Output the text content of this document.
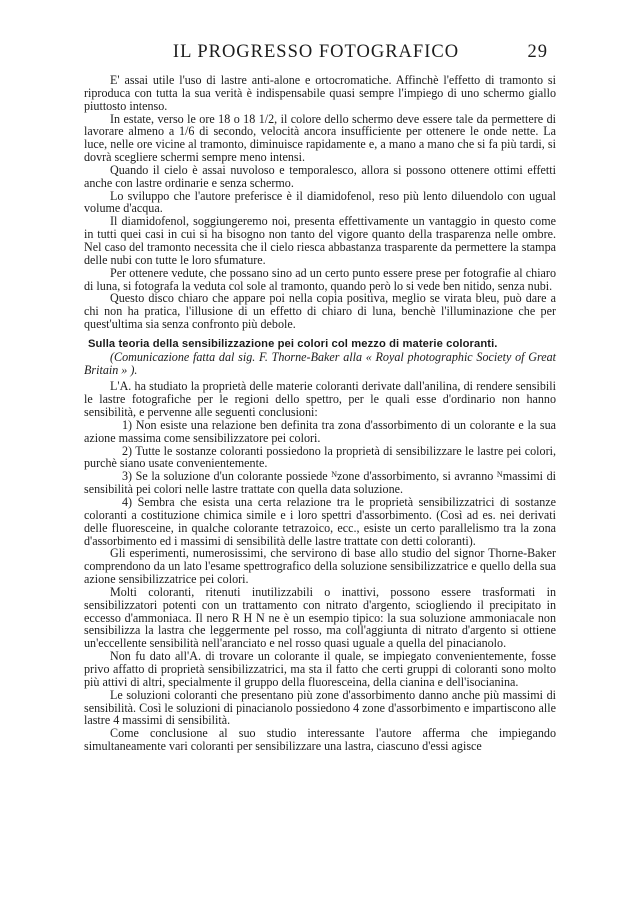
IL PROGRESSO FOTOGRAFICO	29

E' assai utile l'uso di lastre anti-alone e ortocromatiche. Affinchè l'effetto di tramonto si riproduca con tutta la sua verità è indispensabile quasi sempre l'impiego di uno schermo giallo piuttosto intenso.

In estate, verso le ore 18 o 18 1/2, il colore dello schermo deve essere tale da permettere di lavorare almeno a 1/6 di secondo, velocità ancora insufficiente per ottenere le onde nette. La luce, nelle ore vicine al tramonto, diminuisce rapidamente e, a mano a mano che si fa più tardi, si dovrà scegliere schermi sempre meno intensi.

Quando il cielo è assai nuvoloso e temporalesco, allora si possono ottenere ottimi effetti anche con lastre ordinarie e senza schermo.

Lo sviluppo che l'autore preferisce è il diamidofenol, reso più lento diluendolo con ugual volume d'acqua.

Il diamidofenol, soggiungeremo noi, presenta effettivamente un vantaggio in questo come in tutti quei casi in cui si ha bisogno non tanto del vigore quanto della trasparenza nelle ombre. Nel caso del tramonto necessita che il cielo riesca abbastanza trasparente da permettere la stampa delle nubi con tutte le loro sfumature.

Per ottenere vedute, che possano sino ad un certo punto essere prese per fotografie al chiaro di luna, si fotografa la veduta col sole al tramonto, quando però lo si vede ben nitido, senza nubi.

Questo disco chiaro che appare poi nella copia positiva, meglio se virata bleu, può dare a chi non ha pratica, l'illusione di un effetto di chiaro di luna, benchè l'illuminazione che per quest'ultima sia senza confronto più debole.

Sulla teoria della sensibilizzazione pei colori col mezzo di materie coloranti.

(Comunicazione fatta dal sig. F. Thorne-Baker alla « Royal photographic Society of Great Britain » ).

L'A. ha studiato la proprietà delle materie coloranti derivate dall'anilina, di rendere sensibili le lastre fotografiche per le regioni dello spettro, per le quali esse d'ordinario non hanno sensibilità, e pervenne alle seguenti conclusioni:

1) Non esiste una relazione ben definita tra zona d'assorbimento di un colorante e la sua azione massima come sensibilizzatore pei colori.

2) Tutte le sostanze coloranti possiedono la proprietà di sensibilizzare le lastre pei colori, purchè siano usate convenientemente.

3) Se la soluzione d'un colorante possiede $^N$zone d'assorbimento, si avranno $^N$massimi di sensibilità pei colori nelle lastre trattate con quella data soluzione.

4) Sembra che esista una certa relazione tra le proprietà sensibilizzatrici di sostanze coloranti a costituzione chimica simile e i loro spettri d'assorbimento. (Così ad es. nei derivati delle fluoresceine, in qualche colorante tetrazoico, ecc., esiste un certo parallelismo tra la zona d'assorbimento ed i massimi di sensibilità delle lastre trattate con detti coloranti).

Gli esperimenti, numerosissimi, che servirono di base allo studio del signor Thorne-Baker comprendono da un lato l'esame spettrografico della soluzione sensibilizzatrice e quello della sua azione sensibilizzatrice pei colori.

Molti coloranti, ritenuti inutilizzabili o inattivi, possono essere trasformati in sensibilizzatori potenti con un trattamento con nitrato d'argento, sciogliendo il precipitato in eccesso d'ammoniaca. Il nero R H N ne è un esempio tipico: la sua soluzione ammoniacale non sensibilizza la lastra che leggermente pel rosso, ma coll'aggiunta di nitrato d'argento si ottiene un'eccellente sensibilità nell'aranciato e nel rosso quasi uguale a quella del pinacianolo.

Non fu dato all'A. di trovare un colorante il quale, se impiegato convenientemente, fosse privo affatto di proprietà sensibilizzatrici, ma sta il fatto che certi gruppi di coloranti sono molto più attivi di altri, specialmente il gruppo della fluoresceina, della cianina e dell'isocianina.

Le soluzioni coloranti che presentano più zone d'assorbimento danno anche più massimi di sensibilità. Così le soluzioni di pinacianolo possiedono 4 zone d'assorbimento e impartiscono alle lastre 4 massimi di sensibilità.

Come conclusione al suo studio interessante l'autore afferma che impiegando simultaneamente vari coloranti per sensibilizzare una lastra, ciascuno d'essi agisce
